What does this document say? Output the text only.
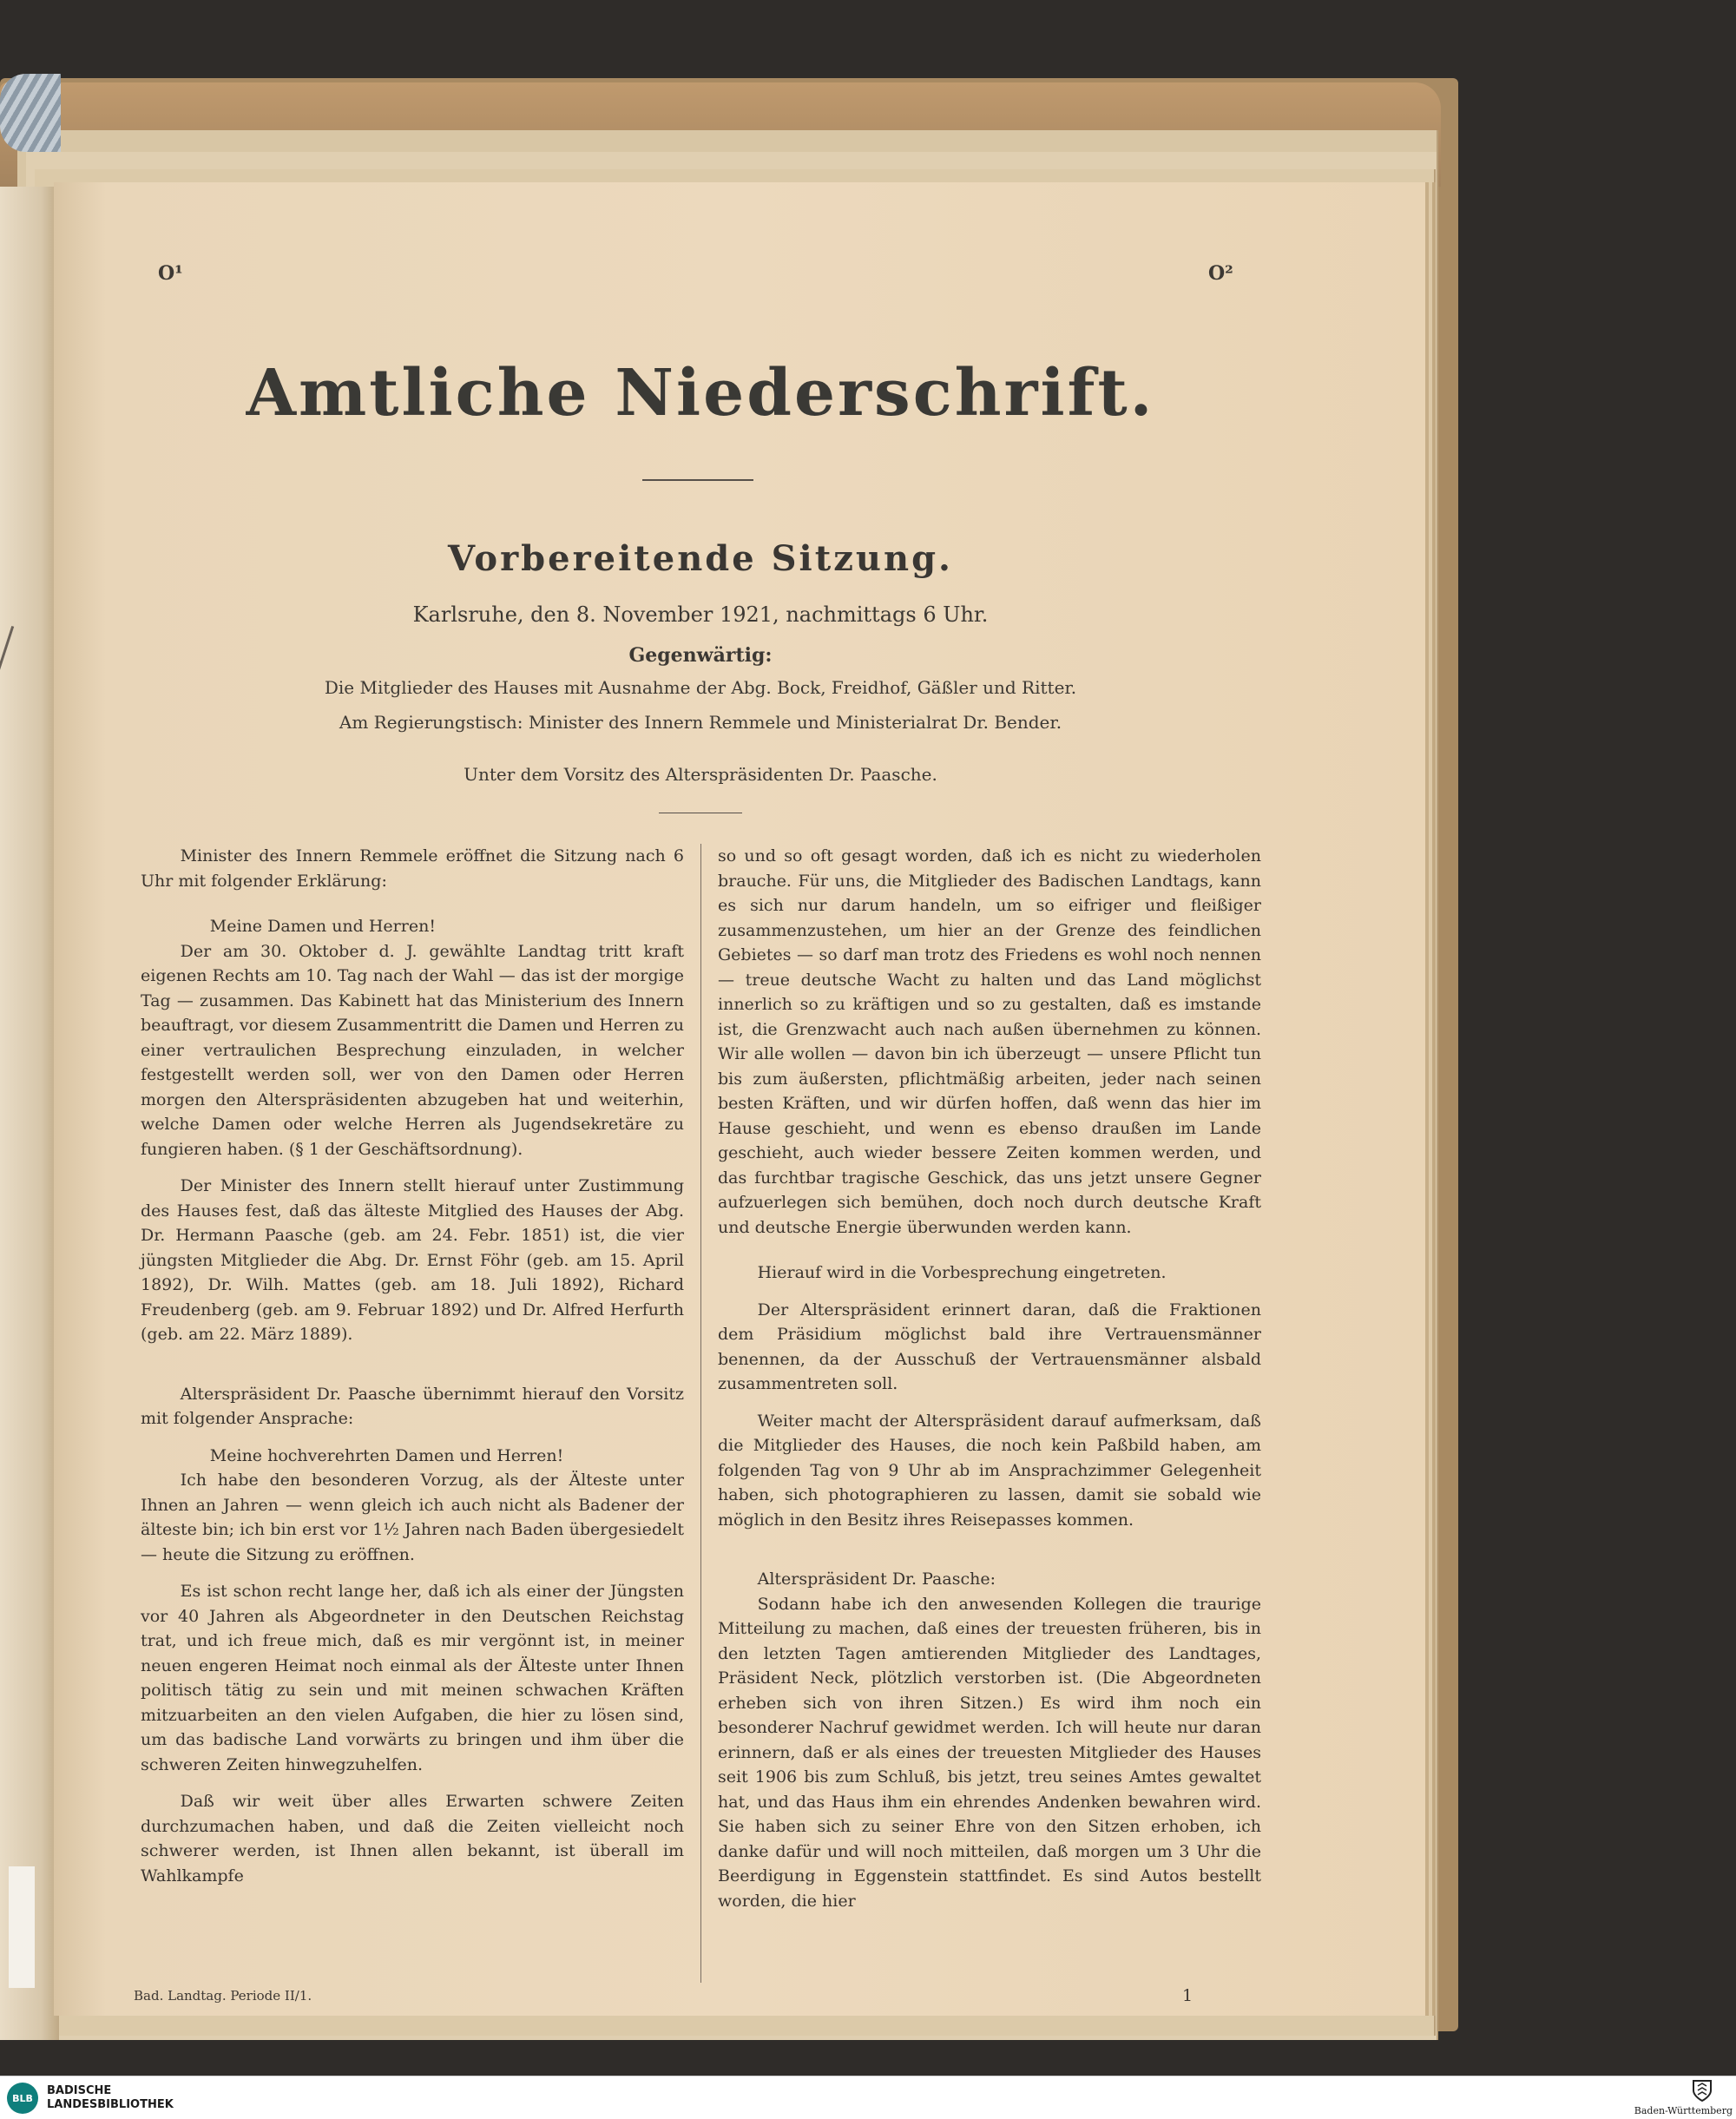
O¹	O²
Amtliche Niederschrift.
Vorbereitende Sitzung.
Karlsruhe, den 8. November 1921, nachmittags 6 Uhr.
Gegenwärtig:
Die Mitglieder des Hauses mit Ausnahme der Abg. Bock, Freidhof, Gäßler und Ritter.
Am Regierungstisch: Minister des Innern Remmele und Ministerialrat Dr. Bender.
Unter dem Vorsitz des Alterspräsidenten Dr. Paasche.

Minister des Innern Remmele eröffnet die Sitzung nach 6 Uhr mit folgender Erklärung:

Meine Damen und Herren!

Der am 30. Oktober d. J. gewählte Landtag tritt kraft eigenen Rechts am 10. Tag nach der Wahl — das ist der morgige Tag — zusammen. Das Kabinett hat das Ministerium des Innern beauftragt, vor diesem Zusammentritt die Damen und Herren zu einer vertraulichen Besprechung einzuladen, in welcher festgestellt werden soll, wer von den Damen oder Herren morgen den Alterspräsidenten abzugeben hat und weiterhin, welche Damen oder welche Herren als Jugendsekretäre zu fungieren haben. (§ 1 der Geschäftsordnung).

Der Minister des Innern stellt hierauf unter Zustimmung des Hauses fest, daß das älteste Mitglied des Hauses der Abg. Dr. Hermann Paasche (geb. am 24. Febr. 1851) ist, die vier jüngsten Mitglieder die Abg. Dr. Ernst Föhr (geb. am 15. April 1892), Dr. Wilh. Mattes (geb. am 18. Juli 1892), Richard Freudenberg (geb. am 9. Februar 1892) und Dr. Alfred Herfurth (geb. am 22. März 1889).

Alterspräsident Dr. Paasche übernimmt hierauf den Vorsitz mit folgender Ansprache:

Meine hochverehrten Damen und Herren!

Ich habe den besonderen Vorzug, als der Älteste unter Ihnen an Jahren — wenn gleich ich auch nicht als Badener der älteste bin; ich bin erst vor 1½ Jahren nach Baden übergesiedelt — heute die Sitzung zu eröffnen.

Es ist schon recht lange her, daß ich als einer der Jüngsten vor 40 Jahren als Abgeordneter in den Deutschen Reichstag trat, und ich freue mich, daß es mir vergönnt ist, in meiner neuen engeren Heimat noch einmal als der Älteste unter Ihnen politisch tätig zu sein und mit meinen schwachen Kräften mitzuarbeiten an den vielen Aufgaben, die hier zu lösen sind, um das badische Land vorwärts zu bringen und ihm über die schweren Zeiten hinwegzuhelfen.

Daß wir weit über alles Erwarten schwere Zeiten durchzumachen haben, und daß die Zeiten vielleicht noch schwerer werden, ist Ihnen allen bekannt, ist überall im Wahlkampfe

so und so oft gesagt worden, daß ich es nicht zu wiederholen brauche. Für uns, die Mitglieder des Badischen Landtags, kann es sich nur darum handeln, um so eifriger und fleißiger zusammenzustehen, um hier an der Grenze des feindlichen Gebietes — so darf man trotz des Friedens es wohl noch nennen — treue deutsche Wacht zu halten und das Land möglichst innerlich so zu kräftigen und so zu gestalten, daß es imstande ist, die Grenzwacht auch nach außen übernehmen zu können. Wir alle wollen — davon bin ich überzeugt — unsere Pflicht tun bis zum äußersten, pflichtmäßig arbeiten, jeder nach seinen besten Kräften, und wir dürfen hoffen, daß wenn das hier im Hause geschieht, und wenn es ebenso draußen im Lande geschieht, auch wieder bessere Zeiten kommen werden, und das furchtbar tragische Geschick, das uns jetzt unsere Gegner aufzuerlegen sich bemühen, doch noch durch deutsche Kraft und deutsche Energie überwunden werden kann.

Hierauf wird in die Vorbesprechung eingetreten.

Der Alterspräsident erinnert daran, daß die Fraktionen dem Präsidium möglichst bald ihre Vertrauensmänner benennen, da der Ausschuß der Vertrauensmänner alsbald zusammentreten soll.

Weiter macht der Alterspräsident darauf aufmerksam, daß die Mitglieder des Hauses, die noch kein Paßbild haben, am folgenden Tag von 9 Uhr ab im Ansprachzimmer Gelegenheit haben, sich photographieren zu lassen, damit sie sobald wie möglich in den Besitz ihres Reisepasses kommen.

Alterspräsident Dr. Paasche:

Sodann habe ich den anwesenden Kollegen die traurige Mitteilung zu machen, daß eines der treuesten früheren, bis in den letzten Tagen amtierenden Mitglieder des Landtages, Präsident Neck, plötzlich verstorben ist. (Die Abgeordneten erheben sich von ihren Sitzen.) Es wird ihm noch ein besonderer Nachruf gewidmet werden. Ich will heute nur daran erinnern, daß er als eines der treuesten Mitglieder des Hauses seit 1906 bis zum Schluß, bis jetzt, treu seines Amtes gewaltet hat, und das Haus ihm ein ehrendes Andenken bewahren wird. Sie haben sich zu seiner Ehre von den Sitzen erhoben, ich danke dafür und will noch mitteilen, daß morgen um 3 Uhr die Beerdigung in Eggenstein stattfindet. Es sind Autos bestellt worden, die hier

Bad. Landtag. Periode II/1.	1
BLB
BADISCHE
LANDESBIBLIOTHEK	Baden-Württemberg
